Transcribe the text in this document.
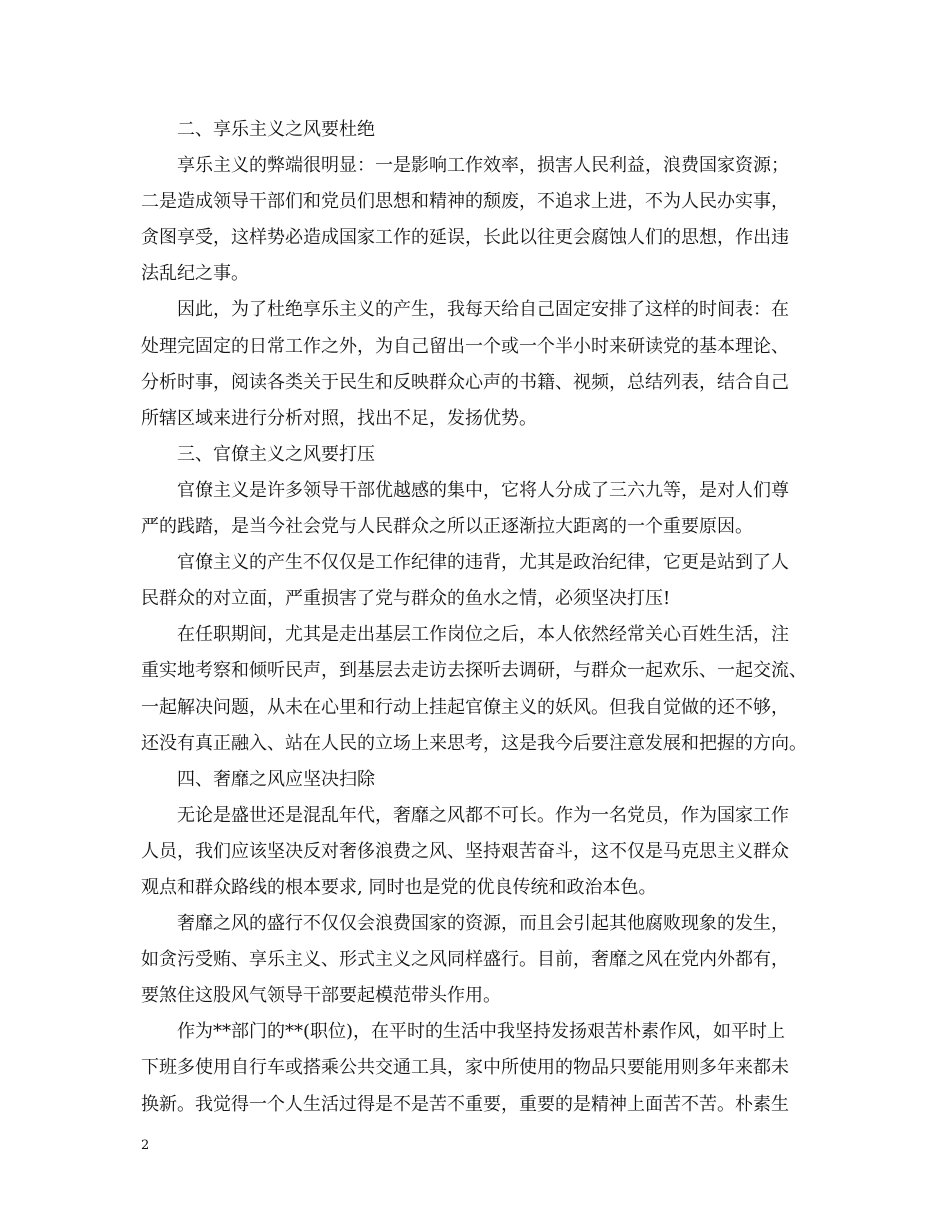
二、享乐主义之风要杜绝
享乐主义的弊端很明显：一是影响工作效率，损害人民利益，浪费国家资源；
二是造成领导干部们和党员们思想和精神的颓废，不追求上进，不为人民办实事，
贪图享受，这样势必造成国家工作的延误，长此以往更会腐蚀人们的思想，作出违
法乱纪之事。
因此，为了杜绝享乐主义的产生，我每天给自己固定安排了这样的时间表：在
处理完固定的日常工作之外，为自己留出一个或一个半小时来研读党的基本理论、
分析时事，阅读各类关于民生和反映群众心声的书籍、视频，总结列表，结合自己
所辖区域来进行分析对照，找出不足，发扬优势。
三、官僚主义之风要打压
官僚主义是许多领导干部优越感的集中，它将人分成了三六九等，是对人们尊
严的践踏，是当今社会党与人民群众之所以正逐渐拉大距离的一个重要原因。
官僚主义的产生不仅仅是工作纪律的违背，尤其是政治纪律，它更是站到了人
民群众的对立面，严重损害了党与群众的鱼水之情，必须坚决打压!
在任职期间，尤其是走出基层工作岗位之后，本人依然经常关心百姓生活，注
重实地考察和倾听民声，到基层去走访去探听去调研，与群众一起欢乐、一起交流、
一起解决问题，从未在心里和行动上挂起官僚主义的妖风。但我自觉做的还不够，
还没有真正融入、站在人民的立场上来思考，这是我今后要注意发展和把握的方向。
四、奢靡之风应坚决扫除
无论是盛世还是混乱年代，奢靡之风都不可长。作为一名党员，作为国家工作
人员，我们应该坚决反对奢侈浪费之风、坚持艰苦奋斗，这不仅是马克思主义群众
观点和群众路线的根本要求, 同时也是党的优良传统和政治本色。
奢靡之风的盛行不仅仅会浪费国家的资源，而且会引起其他腐败现象的发生，
如贪污受贿、享乐主义、形式主义之风同样盛行。目前，奢靡之风在党内外都有，
要煞住这股风气领导干部要起模范带头作用。
作为**部门的**(职位)，在平时的生活中我坚持发扬艰苦朴素作风，如平时上
下班多使用自行车或搭乘公共交通工具，家中所使用的物品只要能用则多年来都未
换新。我觉得一个人生活过得是不是苦不重要，重要的是精神上面苦不苦。朴素生
2
